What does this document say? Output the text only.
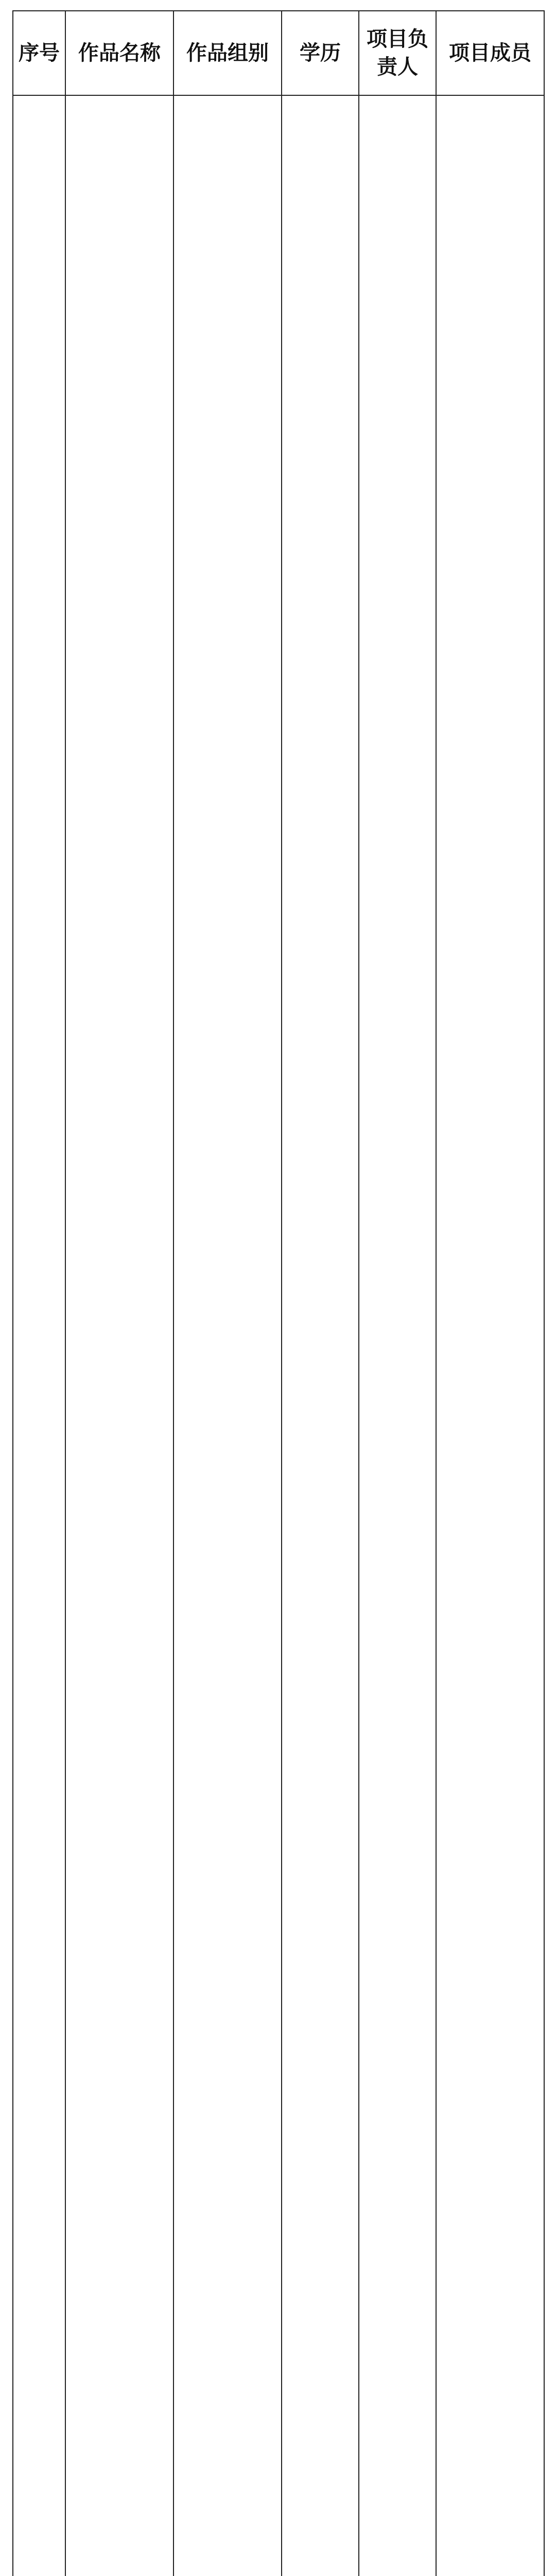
序号	作品名称	作品组别	学历	项目负责人	项目成员
